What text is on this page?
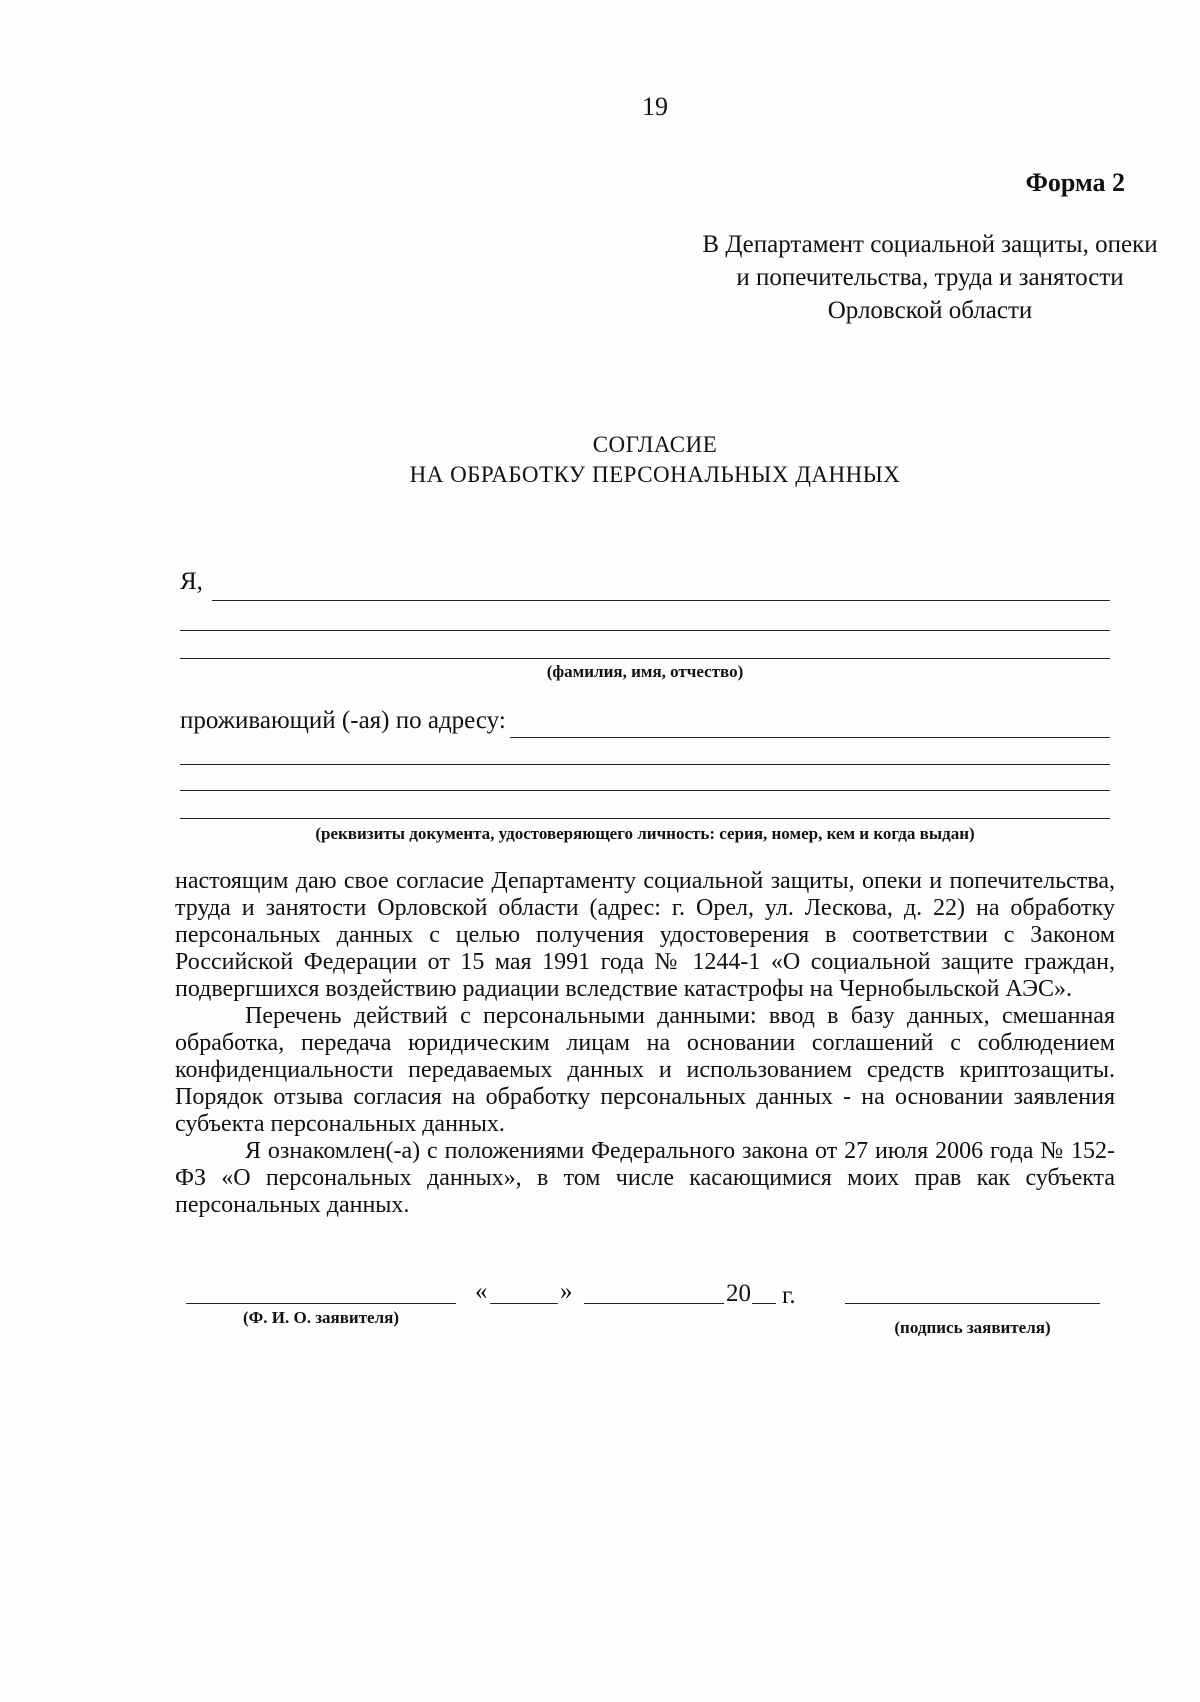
19
Форма 2
В Департамент социальной защиты, опеки
и попечительства, труда и занятости
Орловской области
СОГЛАСИЕ
НА ОБРАБОТКУ ПЕРСОНАЛЬНЫХ ДАННЫХ
Я,
(фамилия, имя, отчество)
проживающий (-ая) по адресу:
(реквизиты документа, удостоверяющего личность: серия, номер, кем и когда выдан)

настоящим даю свое согласие Департаменту социальной защиты, опеки и попечительства, труда и занятости Орловской области (адрес: г. Орел, ул. Лескова, д. 22) на обработку персональных данных с целью получения удостоверения в соответствии с Законом Российской Федерации от 15 мая 1991 года № 1244-1 «О социальной защите граждан, подвергшихся воздействию радиации вследствие катастрофы на Чернобыльской АЭС».

Перечень действий с персональными данными: ввод в базу данных, смешанная обработка, передача юридическим лицам на основании соглашений с соблюдением конфиденциальности передаваемых данных и использованием средств криптозащиты. Порядок отзыва согласия на обработку персональных данных - на основании заявления субъекта персональных данных.

Я ознакомлен(-а) с положениями Федерального закона от 27 июля 2006 года № 152-ФЗ «О персональных данных», в том числе касающимися моих прав как субъекта персональных данных.

(Ф. И. О. заявителя)
«	»	20 г.
(подпись заявителя)
